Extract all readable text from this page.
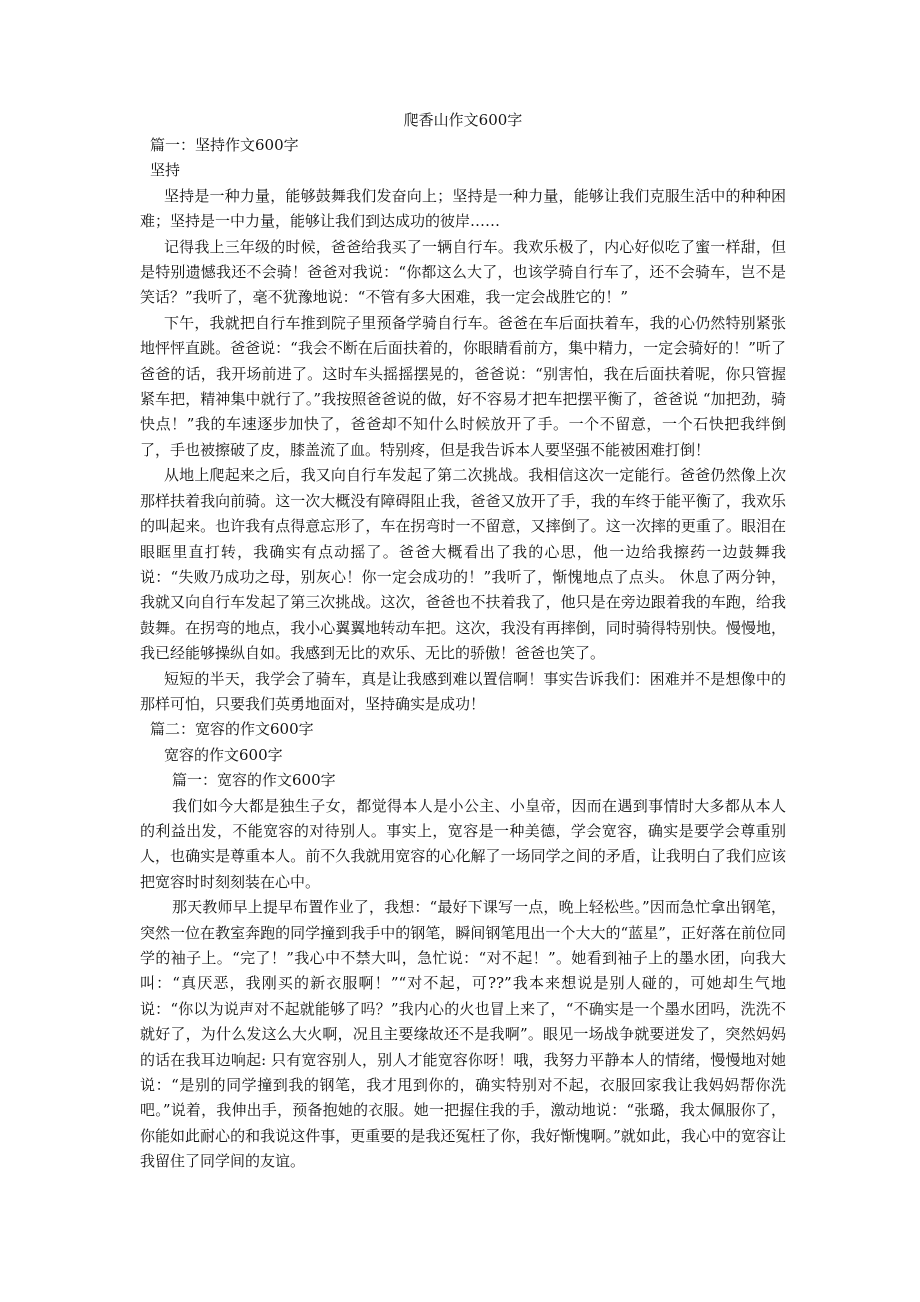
爬香山作文600字

篇一：坚持作文600字

坚持

坚持是一种力量，能够鼓舞我们发奋向上；坚持是一种力量，能够让我们克服生活中的种种困难；坚持是一中力量，能够让我们到达成功的彼岸……

记得我上三年级的时候，爸爸给我买了一辆自行车。我欢乐极了，内心好似吃了蜜一样甜，但是特别遗憾我还不会骑！爸爸对我说：“你都这么大了，也该学骑自行车了，还不会骑车，岂不是笑话？”我听了，毫不犹豫地说：“不管有多大困难，我一定会战胜它的！”

下午，我就把自行车推到院子里预备学骑自行车。爸爸在车后面扶着车，我的心仍然特别紧张地怦怦直跳。爸爸说：“我会不断在后面扶着的，你眼睛看前方，集中精力，一定会骑好的！”听了爸爸的话，我开场前进了。这时车头摇摇摆晃的，爸爸说：“别害怕，我在后面扶着呢，你只管握紧车把，精神集中就行了。”我按照爸爸说的做，好不容易才把车把摆平衡了，爸爸说 “加把劲，骑快点！”我的车速逐步加快了，爸爸却不知什么时候放开了手。一个不留意，一个石快把我绊倒了，手也被擦破了皮，膝盖流了血。特别疼，但是我告诉本人要坚强不能被困难打倒！

从地上爬起来之后，我又向自行车发起了第二次挑战。我相信这次一定能行。爸爸仍然像上次那样扶着我向前骑。这一次大概没有障碍阻止我，爸爸又放开了手，我的车终于能平衡了，我欢乐的叫起来。也许我有点得意忘形了，车在拐弯时一不留意，又摔倒了。这一次摔的更重了。眼泪在眼眶里直打转，我确实有点动摇了。爸爸大概看出了我的心思，他一边给我擦药一边鼓舞我说：“失败乃成功之母，别灰心！你一定会成功的！”我听了，惭愧地点了点头。 休息了两分钟，我就又向自行车发起了第三次挑战。这次，爸爸也不扶着我了，他只是在旁边跟着我的车跑，给我鼓舞。在拐弯的地点，我小心翼翼地转动车把。这次，我没有再摔倒，同时骑得特别快。慢慢地，我已经能够操纵自如。我感到无比的欢乐、无比的骄傲！爸爸也笑了。

短短的半天，我学会了骑车，真是让我感到难以置信啊！事实告诉我们：困难并不是想像中的那样可怕，只要我们英勇地面对，坚持确实是成功！

篇二：宽容的作文600字

宽容的作文600字

篇一：宽容的作文600字

我们如今大都是独生子女，都觉得本人是小公主、小皇帝，因而在遇到事情时大多都从本人的利益出发，不能宽容的对待别人。事实上，宽容是一种美德，学会宽容，确实是要学会尊重别人，也确实是尊重本人。前不久我就用宽容的心化解了一场同学之间的矛盾，让我明白了我们应该把宽容时时刻刻装在心中。

那天教师早上提早布置作业了，我想：“最好下课写一点，晚上轻松些。”因而急忙拿出钢笔，突然一位在教室奔跑的同学撞到我手中的钢笔，瞬间钢笔甩出一个大大的“蓝星”，正好落在前位同学的袖子上。“完了！”我心中不禁大叫，急忙说：“对不起！”。她看到袖子上的墨水团，向我大叫：“真厌恶，我刚买的新衣服啊！”“对不起，可??”我本来想说是别人碰的，可她却生气地说：“你以为说声对不起就能够了吗？”我内心的火也冒上来了，“不确实是一个墨水团吗，洗洗不就好了，为什么发这么大火啊，况且主要缘故还不是我啊”。眼见一场战争就要迸发了，突然妈妈的话在我耳边响起: 只有宽容别人，别人才能宽容你呀！哦，我努力平静本人的情绪，慢慢地对她说：“是别的同学撞到我的钢笔，我才甩到你的，确实特别对不起，衣服回家我让我妈妈帮你洗吧。”说着，我伸出手，预备抱她的衣服。她一把握住我的手，激动地说：“张璐，我太佩服你了，你能如此耐心的和我说这件事，更重要的是我还冤枉了你，我好惭愧啊。”就如此，我心中的宽容让我留住了同学间的友谊。
